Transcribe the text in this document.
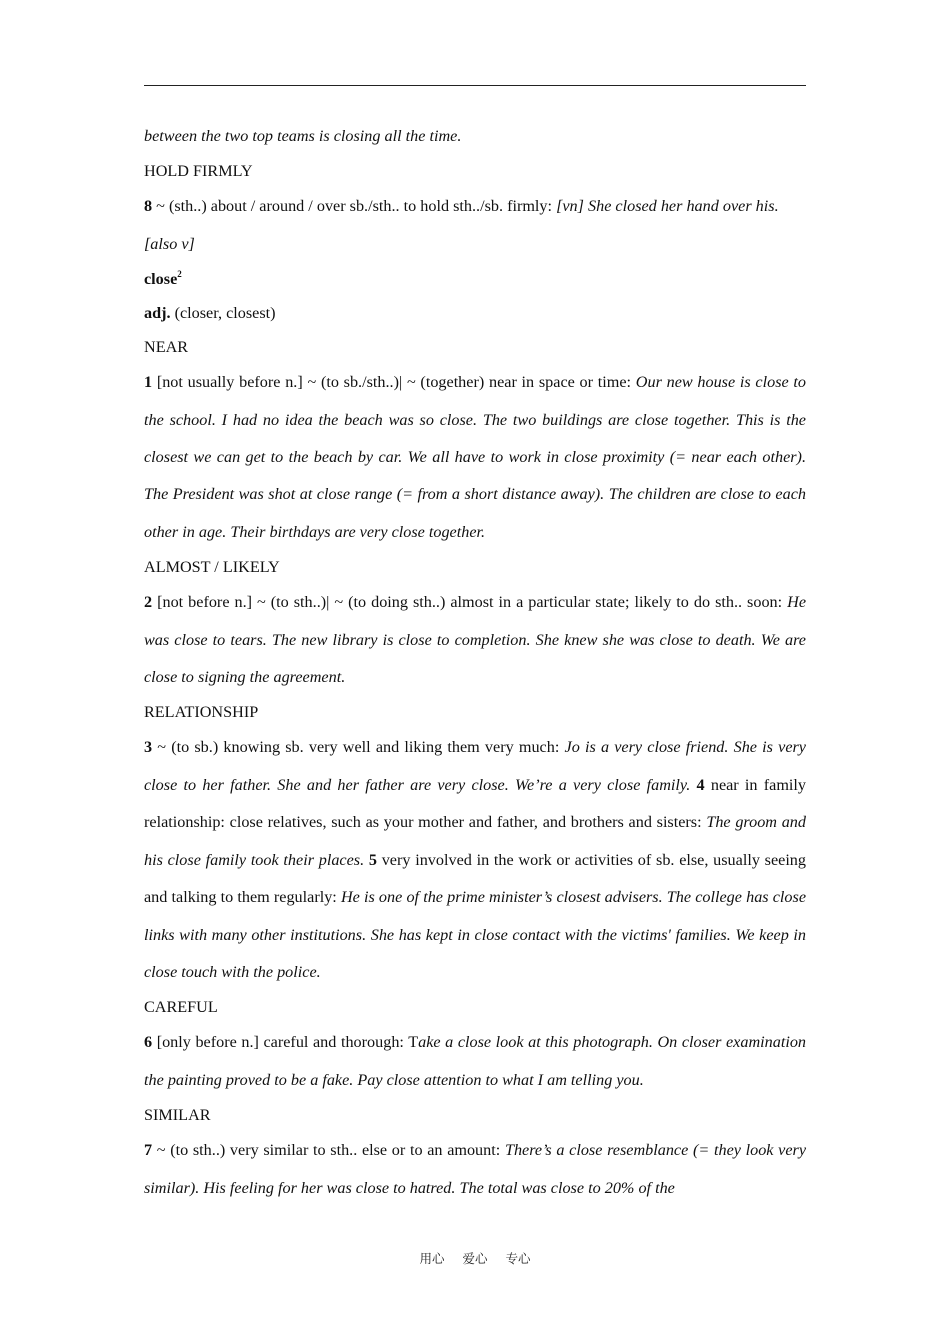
between the two top teams is closing all the time.

HOLD FIRMLY

8 ~ (sth..) about / around / over sb./sth.. to hold sth../sb. firmly: [vn] She closed her hand over his.
[also v]

close$^2$

adj. (closer, closest)

NEAR

1 [not usually before n.] ~ (to sb./sth..)| ~ (together) near in space or time: Our new house is close to the school. I had no idea the beach was so close. The two buildings are close together. This is the closest we can get to the beach by car. We all have to work in close proximity (= near each other). The President was shot at close range (= from a short distance away). The children are close to each other in age. Their birthdays are very close together.

ALMOST / LIKELY

2 [not before n.] ~ (to sth..)| ~ (to doing sth..) almost in a particular state; likely to do sth.. soon: He was close to tears. The new library is close to completion. She knew she was close to death. We are close to signing the agreement.

RELATIONSHIP

3 ~ (to sb.) knowing sb. very well and liking them very much: Jo is a very close friend. She is very close to her father. She and her father are very close. We’re a very close family. 4 near in family relationship: close relatives, such as your mother and father, and brothers and sisters: The groom and his close family took their places. 5 very involved in the work or activities of sb. else, usually seeing and talking to them regularly: He is one of the prime minister’s closest advisers. The college has close links with many other institutions. She has kept in close contact with the victims' families. We keep in close touch with the police.

CAREFUL

6 [only before n.] careful and thorough: Take a close look at this photograph. On closer examination the painting proved to be a fake. Pay close attention to what I am telling you.

SIMILAR

7 ~ (to sth..) very similar to sth.. else or to an amount: There’s a close resemblance (= they look very similar). His feeling for her was close to hatred. The total was close to 20% of the

用心 爱心 专心
